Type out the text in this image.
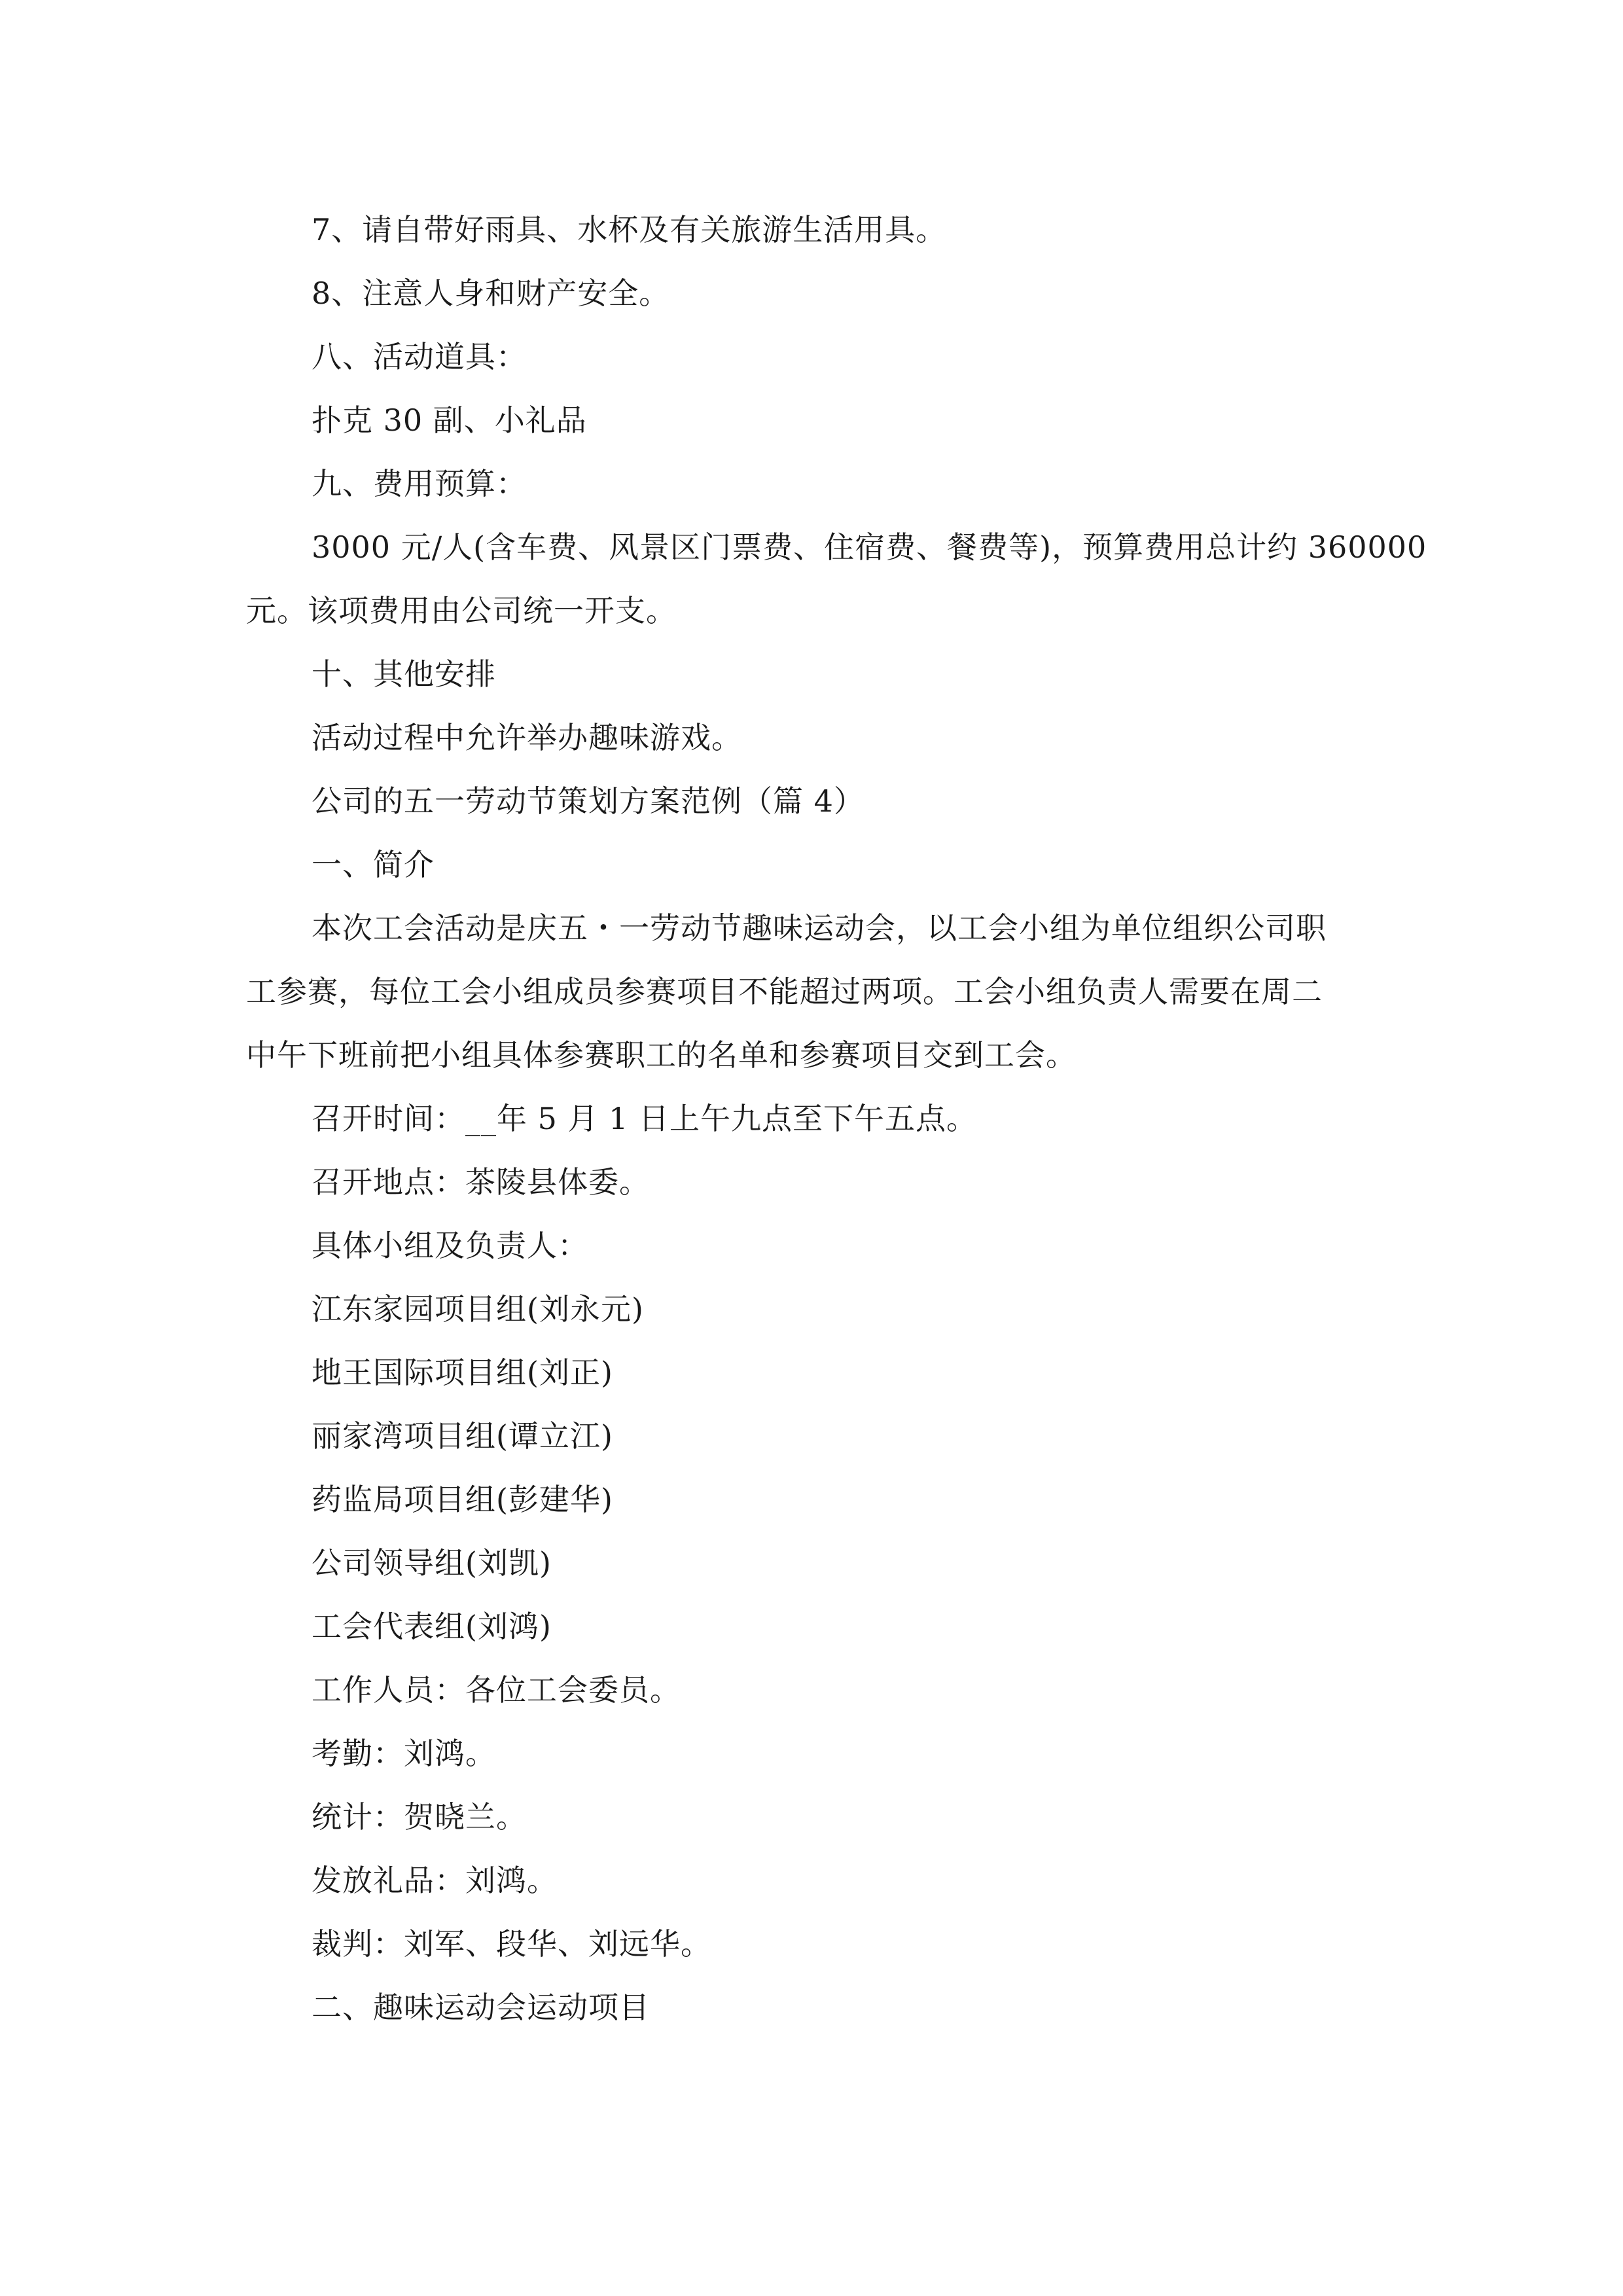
7、请自带好雨具、水杯及有关旅游生活用具。

8、注意人身和财产安全。

八、活动道具：

扑克 30 副、小礼品

九、费用预算：

3000 元/人(含车费、风景区门票费、住宿费、餐费等)，预算费用总计约 360000
元。该项费用由公司统一开支。

十、其他安排

活动过程中允许举办趣味游戏。

公司的五一劳动节策划方案范例（篇 4）

一、简介

本次工会活动是庆五・一劳动节趣味运动会，以工会小组为单位组织公司职
工参赛，每位工会小组成员参赛项目不能超过两项。工会小组负责人需要在周二
中午下班前把小组具体参赛职工的名单和参赛项目交到工会。

召开时间：__年 5 月 1 日上午九点至下午五点。

召开地点：茶陵县体委。

具体小组及负责人：

江东家园项目组(刘永元)

地王国际项目组(刘正)

丽家湾项目组(谭立江)

药监局项目组(彭建华)

公司领导组(刘凯)

工会代表组(刘鸿)

工作人员：各位工会委员。

考勤：刘鸿。

统计：贺晓兰。

发放礼品：刘鸿。

裁判：刘军、段华、刘远华。

二、趣味运动会运动项目
